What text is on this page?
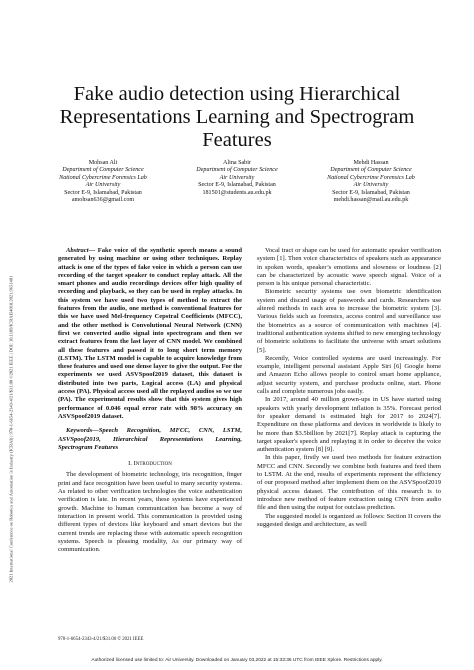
2021 International Conference on Robotics and Automation in Industry (ICRAI) | 978-1-6654-2343-4/21/$31.00 ©2021 IEEE | DOI: 10.1109/ICRAI54018.2021.9651401
Fake audio detection using Hierarchical Representations Learning and Spectrogram Features
Mohsan Ali
Department of Computer Science
National Cybercrime Forensics Lab
Air University
Sector E-9, Islamabad, Pakistan
amohsan636@gmail.com
Alina Sabir
Department of Computer Science
Air University
Sector E-9, Islamabad, Pakistan
181501@students.au.edu.pk
Mehdi Hassan
Department of Computer Science
National Cybercrime Forensics Lab
Air University
Sector E-9, Islamabad, Pakistan
mehdi.hassan@mail.au.edu.pk

Abstract— Fake voice of the synthetic speech means a sound generated by using machine or using other techniques. Replay attack is one of the types of fake voice in which a person can use recording of the target speaker to conduct replay attack. All the smart phones and audio recordings devices offer high quality of recording and playback, so they can be used in replay attacks. In this system we have used two types of method to extract the features from the audio, one method is conventional features for this we have used Mel-frequency Cepstral Coefficients (MFCC), and the other method is Convolutional Neural Network (CNN) first we converted audio signal into spectrogram and then we extract features from the last layer of CNN model. We combined all these features and passed it to long short term memory (LSTM). The LSTM model is capable to acquire knowledge from these features and used one dense layer to give the output. For the experiments we used ASVSpoof2019 dataset, this dataset is distributed into two parts, Logical access (LA) and physical access (PA). Physical access used all the replayed audios so we use (PA). The experimental results show that this system gives high performance of 0.046 equal error rate with 98% accuracy on ASVSpoof2019 dataset.

Keywords—Speech Recognition, MFCC, CNN, LSTM, ASVSpoof2019, Hierarchical Representations Learning, Spectrogram Features

I. Introduction

The development of biometric technology, iris recognition, finger print and face recognition have been useful to many security systems. As related to other verification technologies the voice authentication verification is late. In recent years, these systems have experienced growth. Machine to human communication has become a way of interaction in present world. This communication is provided using different types of devices like keyboard and smart devices but the current trends are replacing these with automatic speech recognition systems. Speech is pleasing modality, As our primary way of communication.

Vocal tract or shape can be used for automatic speaker verification system [1]. Then voice characteristics of speakers such as appearance in spoken words, speaker’s emotions and slowness or loudness [2] can be characterized by acoustic wave speech signal. Voice of a person is his unique personal characteristic.

Biometric security systems use own biometric identification system and discard usage of passwords and cards. Researchers use altered methods in each area to increase the biometric system [3]. Various fields such as forensics, access control and surveillance use the biometrics as a source of communication with machines [4]. traditional authentication systems shifted to new emerging technology of biometric solutions to facilitate the universe with smart solutions [5].

Recently, Voice controlled systems are used increasingly. For example, intelligent personal assistant Apple Siri [6] Google home and Amazon Echo allows people to control smart home appliance, adjust security system, and purchase products online, start. Phone calls and complete numerous jobs easily.

In 2017, around 40 million grown-ups in US have started using speakers with yearly development inflation is 35%. Forecast period for speaker demand is estimated high for 2017 to 2024[7]. Expenditure on these platforms and devices in worldwide is likely to be more than $3.5billion by 2021[7]. Replay attack is capturing the target speaker's speech and replaying it in order to deceive the voice authentication system [8] [9].

In this paper, firstly we used two methods for feature extraction MFCC and CNN. Secondly we combine both features and feed them to LSTM. At the end, results of experiments represent the efficiency of our proposed method after implement them on the ASVSpoof2019 physical access dataset. The contribution of this research is to introduce new method of feature extraction using CNN from audio file and then using the output for outclass prediction.

The suggested model is organized as follows: Section II covers the suggested design and architecture, as well

978-1-6654-2343-4/21/$31.00 © 2021 IEEE
Authorized licensed use limited to: Air University. Downloaded on January 03,2022 at 15:33:36 UTC from IEEE Xplore. Restrictions apply.
